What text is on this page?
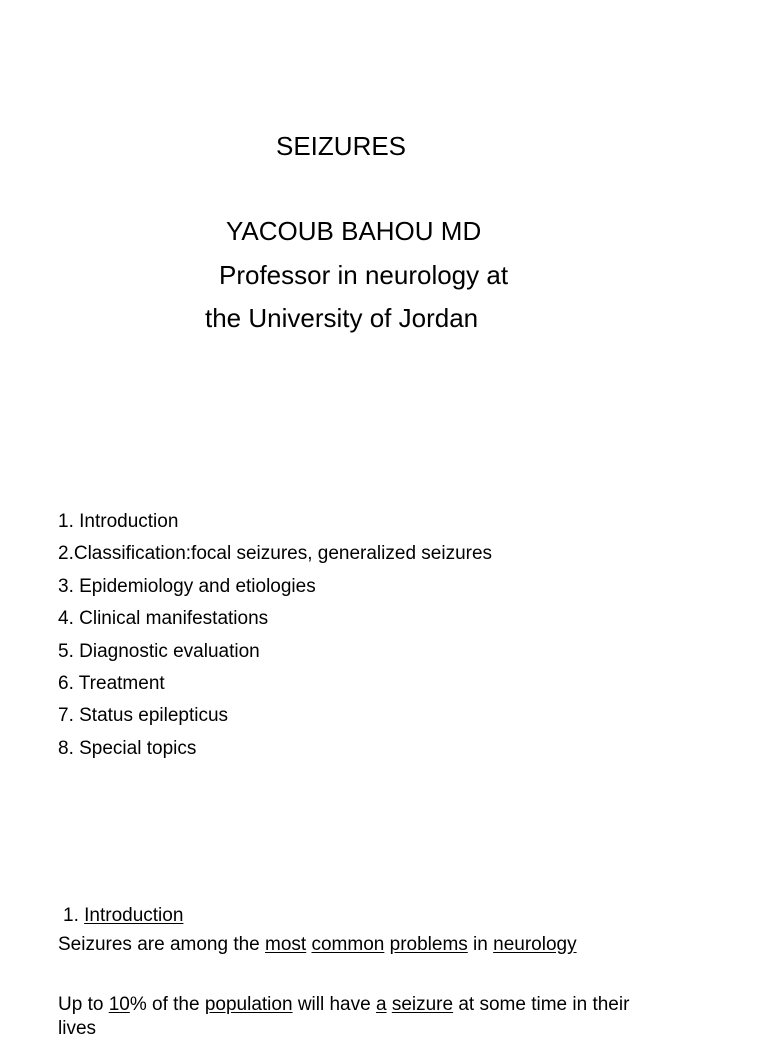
SEIZURES
YACOUB BAHOU MD
Professor in neurology at
the University of Jordan
1. Introduction
2.Classification:focal seizures, generalized seizures
3. Epidemiology and etiologies
4. Clinical manifestations
5. Diagnostic evaluation
6. Treatment
7. Status epilepticus
8. Special topics
1. Introduction
Seizures are among the most common problems in neurology
Up to 10% of the population will have a seizure at some time in their
lives
